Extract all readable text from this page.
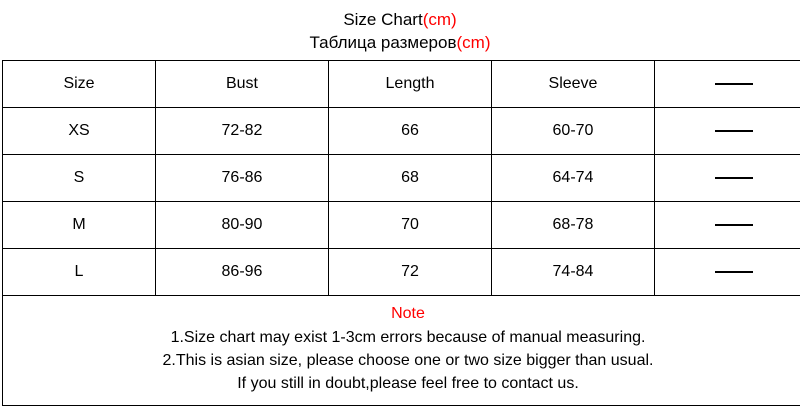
Size Chart(cm)
Таблица размеров(cm)
Size	Bust	Length	Sleeve	
XS	72-82	66	60-70	
S	76-86	68	64-74	
M	80-90	70	68-78	
L	86-96	72	74-84	

Note
1.Size chart may exist 1-3cm errors because of manual measuring.
2.This is asian size, please choose one or two size bigger than usual.
If you still in doubt,please feel free to contact us.				
